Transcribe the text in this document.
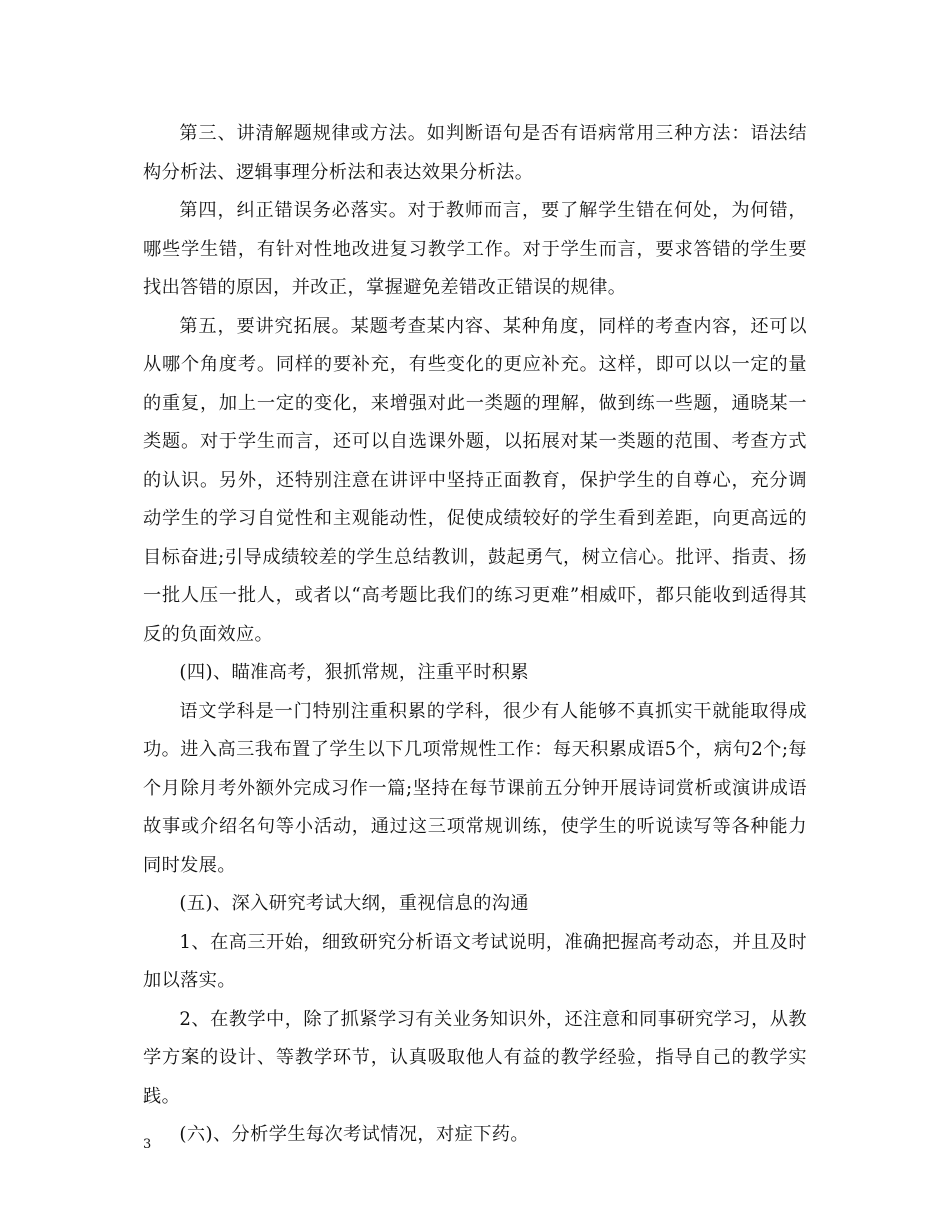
第三、讲清解题规律或方法。如判断语句是否有语病常用三种方法：语法结构分析法、逻辑事理分析法和表达效果分析法。

第四，纠正错误务必落实。对于教师而言，要了解学生错在何处，为何错，哪些学生错，有针对性地改进复习教学工作。对于学生而言，要求答错的学生要找出答错的原因，并改正，掌握避免差错改正错误的规律。

第五，要讲究拓展。某题考查某内容、某种角度，同样的考查内容，还可以从哪个角度考。同样的要补充，有些变化的更应补充。这样，即可以以一定的量的重复，加上一定的变化，来增强对此一类题的理解，做到练一些题，通晓某一类题。对于学生而言，还可以自选课外题，以拓展对某一类题的范围、考查方式的认识。另外，还特别注意在讲评中坚持正面教育，保护学生的自尊心，充分调动学生的学习自觉性和主观能动性，促使成绩较好的学生看到差距，向更高远的目标奋进;引导成绩较差的学生总结教训，鼓起勇气，树立信心。批评、指责、扬一批人压一批人，或者以“高考题比我们的练习更难”相威吓，都只能收到适得其反的负面效应。

(四)、瞄准高考，狠抓常规，注重平时积累

语文学科是一门特别注重积累的学科，很少有人能够不真抓实干就能取得成功。进入高三我布置了学生以下几项常规性工作：每天积累成语5个，病句2个;每个月除月考外额外完成习作一篇;坚持在每节课前五分钟开展诗词赏析或演讲成语故事或介绍名句等小活动，通过这三项常规训练，使学生的听说读写等各种能力同时发展。

(五)、深入研究考试大纲，重视信息的沟通

1、在高三开始，细致研究分析语文考试说明，准确把握高考动态，并且及时加以落实。

2、在教学中，除了抓紧学习有关业务知识外，还注意和同事研究学习，从教学方案的设计、等教学环节，认真吸取他人有益的教学经验，指导自己的教学实践。

(六)、分析学生每次考试情况，对症下药。

3
